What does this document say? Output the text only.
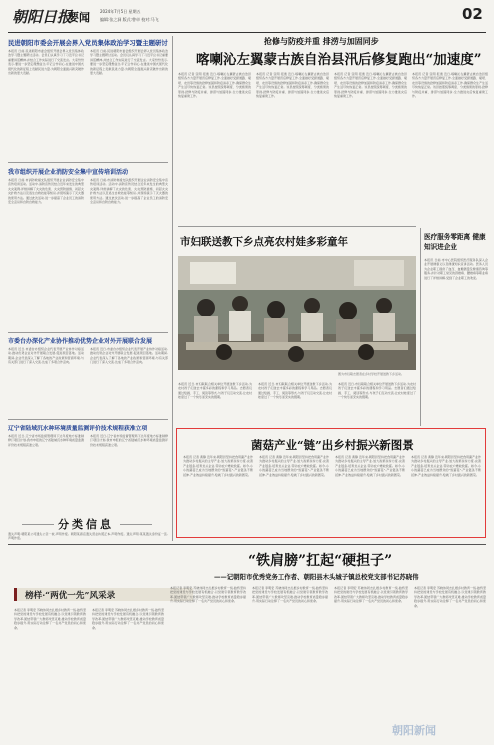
朝阳日报
要闻	2024年7月5日 星期五
编辑:张之洞 版式:曾卓 校对:马飞	02
民进朝阳市委会开展会界入党员集体政治学习暨主题研讨
本报讯 日前,民进朝阳市委会组织开展会界入党员集体政治学习暨主题研讨活动。会员们认真学习了习近平总书记重要讲话精神,并结合工作实际进行了交流发言。大家纷纷表示,要进一步坚定理想信念,牢记合作初心,在推进中国式现代化的新征程上贡献民进力量,为朝阳全面振兴新突破作出新的更大贡献。
本报讯 日前,民进朝阳市委会组织开展会界入党员集体政治学习暨主题研讨活动。会员们认真学习了习近平总书记重要讲话精神,并结合工作实际进行了交流发言。大家纷纷表示,要进一步坚定理想信念,牢记合作初心,在推进中国式现代化的新征程上贡献民进力量,为朝阳全面振兴新突破作出新的更大贡献。
我市组织开展企业消防安全集中宣传培训活动
本报讯 日前,市消防救援支队组织开展企业消防安全集中宣传培训活动。活动中,消防宣传员结合近年来发生的典型火灾案例,详细讲解了火灾的危害、火灾预防措施、初起火灾扑救方法以及逃生自救技能等知识,并现场演示了灭火器的使用方法。通过此次活动,进一步提高了企业员工的消防安全意识和自防自救能力。
本报讯 日前,市消防救援支队组织开展企业消防安全集中宣传培训活动。活动中,消防宣传员结合近年来发生的典型火灾案例,详细讲解了火灾的危害、火灾预防措施、初起火灾扑救方法以及逃生自救技能等知识,并现场演示了灭火器的使用方法。通过此次活动,进一步提高了企业员工的消防安全意识和自防自救能力。
市委台办深化产业协作推动优势企业对外开展联合发展
本报讯 近日,市委台办组织企业代表开展产业协作对接活动,推动优势企业对外开展联合发展,促进项目落地。活动期间,企业代表深入了解了各地的产业政策和营商环境,与有关部门进行了深入交流,达成了多项合作意向。
本报讯 近日,市委台办组织企业代表开展产业协作对接活动,推动优势企业对外开展联合发展,促进项目落地。活动期间,企业代表深入了解了各地的产业政策和营商环境,与有关部门进行了深入交流,达成了多项合作意向。
辽宁省陆域沉水种环境质量监测评价技术规程获准立项
本报讯 近日,辽宁省市场监督管理局下达年度地方标准制修订项目计划,我市申报的辽宁省陆域沉水种环境质量监测评价技术规程获准立项。
本报讯 近日,辽宁省市场监督管理局下达年度地方标准制修订项目计划,我市申报的辽宁省陆域沉水种环境质量监测评价技术规程获准立项。
分类信息
遗失声明:朝阳某公司遗失公章一枚,声明作废。朝阳某商店遗失营业执照正本,声明作废。遗失声明:某某遗失身份证一张,声明作废。
抢修与防疫并重 排涝与加固同步
喀喇沁左翼蒙古族自治县汛后修复跑出“加速度”
本报讯 记者 张明 报道 近日,喀喇沁左翼蒙古族自治县组织各方力量开展汛后修复工作,全面做好受损道路、堤坝、农田等设施的抢修加固和防疫消杀工作,确保群众生产生活尽快恢复正常。该县按照统筹调度、分类施策的原则,抢修与防疫并重、排涝与加固同步,全力推进灾后恢复重建工作。
本报讯 记者 张明 报道 近日,喀喇沁左翼蒙古族自治县组织各方力量开展汛后修复工作,全面做好受损道路、堤坝、农田等设施的抢修加固和防疫消杀工作,确保群众生产生活尽快恢复正常。该县按照统筹调度、分类施策的原则,抢修与防疫并重、排涝与加固同步,全力推进灾后恢复重建工作。
本报讯 记者 张明 报道 近日,喀喇沁左翼蒙古族自治县组织各方力量开展汛后修复工作,全面做好受损道路、堤坝、农田等设施的抢修加固和防疫消杀工作,确保群众生产生活尽快恢复正常。该县按照统筹调度、分类施策的原则,抢修与防疫并重、排涝与加固同步,全力推进灾后恢复重建工作。
本报讯 记者 张明 报道 近日,喀喇沁左翼蒙古族自治县组织各方力量开展汛后修复工作,全面做好受损道路、堤坝、农田等设施的抢修加固和防疫消杀工作,确保群众生产生活尽快恢复正常。该县按照统筹调度、分类施策的原则,抢修与防疫并重、排涝与加固同步,全力推进灾后恢复重建工作。
市妇联送教下乡点亮农村娃多彩童年
图为市妇联志愿者在乡村学校开展送教下乡活动。
本报讯 近日,市妇联联合相关单位开展送教下乡活动,为农村孩子们送去丰富多彩的课程和学习用品。志愿者们通过绘画、手工、阅读等形式,与孩子们互动交流,让农村娃度过了一个快乐而充实的假期。
本报讯 近日,市妇联联合相关单位开展送教下乡活动,为农村孩子们送去丰富多彩的课程和学习用品。志愿者们通过绘画、手工、阅读等形式,与孩子们互动交流,让农村娃度过了一个快乐而充实的假期。
本报讯 近日,市妇联联合相关单位开展送教下乡活动,为农村孩子们送去丰富多彩的课程和学习用品。志愿者们通过绘画、手工、阅读等形式,与孩子们互动交流,让农村娃度过了一个快乐而充实的假期。
医疗服务零距离 健康知识进企业
本报讯 日前,市中心医院组织医疗服务队深入企业开展健康义诊及健康知识宣讲活动。医务人员为企业职工提供了血压、血糖测量及健康咨询等服务,并针对职工常见的颈椎病、腰椎病等职业病进行了详细讲解,受到了企业职工的欢迎。
菌菇产业“链”出乡村振兴新图景
本报讯 记者 黄静 近年来,朝阳县坚持把食用菌产业作为推动乡村振兴的主导产业,加大政策扶持力度,完善产业链条,培育龙头企业,带动农户增收致富。如今,小小的菌菇已成为当地群众的“致富菇”,产业链条不断延伸,产业效益持续提升,绘就了乡村振兴的新图景。
本报讯 记者 黄静 近年来,朝阳县坚持把食用菌产业作为推动乡村振兴的主导产业,加大政策扶持力度,完善产业链条,培育龙头企业,带动农户增收致富。如今,小小的菌菇已成为当地群众的“致富菇”,产业链条不断延伸,产业效益持续提升,绘就了乡村振兴的新图景。
本报讯 记者 黄静 近年来,朝阳县坚持把食用菌产业作为推动乡村振兴的主导产业,加大政策扶持力度,完善产业链条,培育龙头企业,带动农户增收致富。如今,小小的菌菇已成为当地群众的“致富菇”,产业链条不断延伸,产业效益持续提升,绘就了乡村振兴的新图景。
本报讯 记者 黄静 近年来,朝阳县坚持把食用菌产业作为推动乡村振兴的主导产业,加大政策扶持力度,完善产业链条,培育龙头企业,带动农户增收致富。如今,小小的菌菇已成为当地群众的“致富菇”,产业链条不断延伸,产业效益持续提升,绘就了乡村振兴的新图景。
“铁肩膀”扛起“硬担子”
——记朝阳市优秀党务工作者、朝阳县木头城子镇总校党支部书记苏晓伟
榜样·“两优一先”风采录
本报记者 李明宏 苏晓伟同志扎根乡村教育一线,始终坚持把党的建设与学校发展有机融合,以党建引领教育教学改革,团结带领广大教师攻坚克难,推动学校教育质量稳步提升,用实际行动诠释了一名共产党员的初心和使命。
本报记者 李明宏 苏晓伟同志扎根乡村教育一线,始终坚持把党的建设与学校发展有机融合,以党建引领教育教学改革,团结带领广大教师攻坚克难,推动学校教育质量稳步提升,用实际行动诠释了一名共产党员的初心和使命。
本报记者 李明宏 苏晓伟同志扎根乡村教育一线,始终坚持把党的建设与学校发展有机融合,以党建引领教育教学改革,团结带领广大教师攻坚克难,推动学校教育质量稳步提升,用实际行动诠释了一名共产党员的初心和使命。
本报记者 李明宏 苏晓伟同志扎根乡村教育一线,始终坚持把党的建设与学校发展有机融合,以党建引领教育教学改革,团结带领广大教师攻坚克难,推动学校教育质量稳步提升,用实际行动诠释了一名共产党员的初心和使命。
本报记者 李明宏 苏晓伟同志扎根乡村教育一线,始终坚持把党的建设与学校发展有机融合,以党建引领教育教学改革,团结带领广大教师攻坚克难,推动学校教育质量稳步提升,用实际行动诠释了一名共产党员的初心和使命。
本报记者 李明宏 苏晓伟同志扎根乡村教育一线,始终坚持把党的建设与学校发展有机融合,以党建引领教育教学改革,团结带领广大教师攻坚克难,推动学校教育质量稳步提升,用实际行动诠释了一名共产党员的初心和使命。
朝阳新闻
